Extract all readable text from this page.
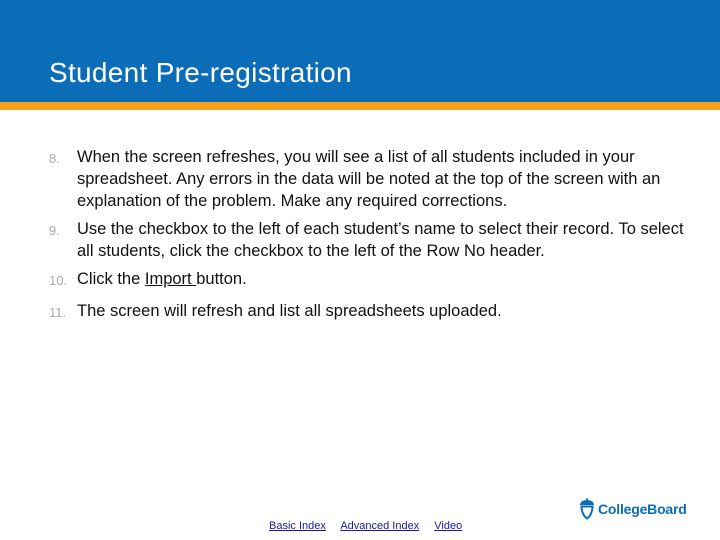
Student Pre-registration
8.	When the screen refreshes, you will see a list of all students included in your spreadsheet. Any errors in the data will be noted at the top of the screen with an explanation of the problem. Make any required corrections.
9.	Use the checkbox to the left of each student’s name to select their record. To select all students, click the checkbox to the left of the Row No header.
10. Click the Import button.
11. The screen will refresh and list all spreadsheets uploaded.
Basic Index Advanced Index Video
CollegeBoard
